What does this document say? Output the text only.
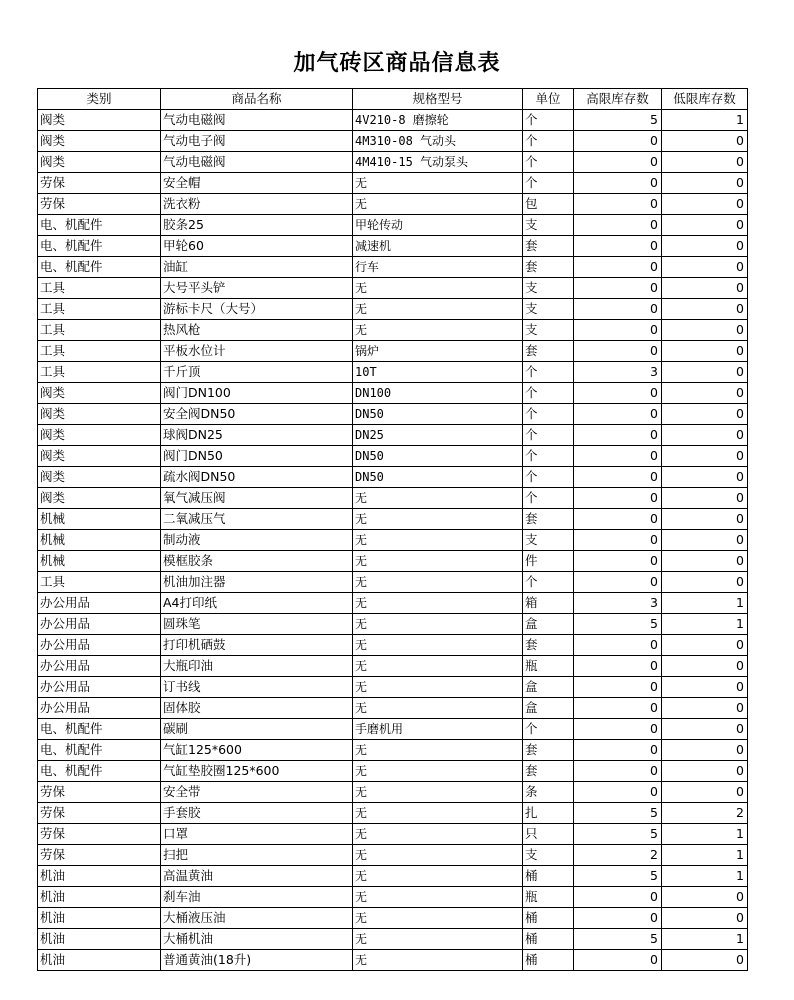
加气砖区商品信息表
类别	商品名称	规格型号	单位	高限库存数	低限库存数
阀类	气动电磁阀	4V210-8 磨擦轮	个	5	1
阀类	气动电子阀	4M310-08 气动头	个	0	0
阀类	气动电磁阀	4M410-15 气动泵头	个	0	0
劳保	安全帽	无	个	0	0
劳保	洗衣粉	无	包	0	0
电、机配件	胶条25	甲轮传动	支	0	0
电、机配件	甲轮60	减速机	套	0	0
电、机配件	油缸	行车	套	0	0
工具	大号平头铲	无	支	0	0
工具	游标卡尺（大号）	无	支	0	0
工具	热风枪	无	支	0	0
工具	平板水位计	锅炉	套	0	0
工具	千斤顶	10T	个	3	0
阀类	阀门DN100	DN100	个	0	0
阀类	安全阀DN50	DN50	个	0	0
阀类	球阀DN25	DN25	个	0	0
阀类	阀门DN50	DN50	个	0	0
阀类	疏水阀DN50	DN50	个	0	0
阀类	氧气减压阀	无	个	0	0
机械	二氧减压气	无	套	0	0
机械	制动液	无	支	0	0
机械	模框胶条	无	件	0	0
工具	机油加注器	无	个	0	0
办公用品	A4打印纸	无	箱	3	1
办公用品	圆珠笔	无	盒	5	1
办公用品	打印机硒鼓	无	套	0	0
办公用品	大瓶印油	无	瓶	0	0
办公用品	订书线	无	盒	0	0
办公用品	固体胶	无	盒	0	0
电、机配件	碳刷	手磨机用	个	0	0
电、机配件	气缸125*600	无	套	0	0
电、机配件	气缸垫胶圈125*600	无	套	0	0
劳保	安全带	无	条	0	0
劳保	手套胶	无	扎	5	2
劳保	口罩	无	只	5	1
劳保	扫把	无	支	2	1
机油	高温黄油	无	桶	5	1
机油	刹车油	无	瓶	0	0
机油	大桶液压油	无	桶	0	0
机油	大桶机油	无	桶	5	1
机油	普通黄油(18升)	无	桶	0	0
